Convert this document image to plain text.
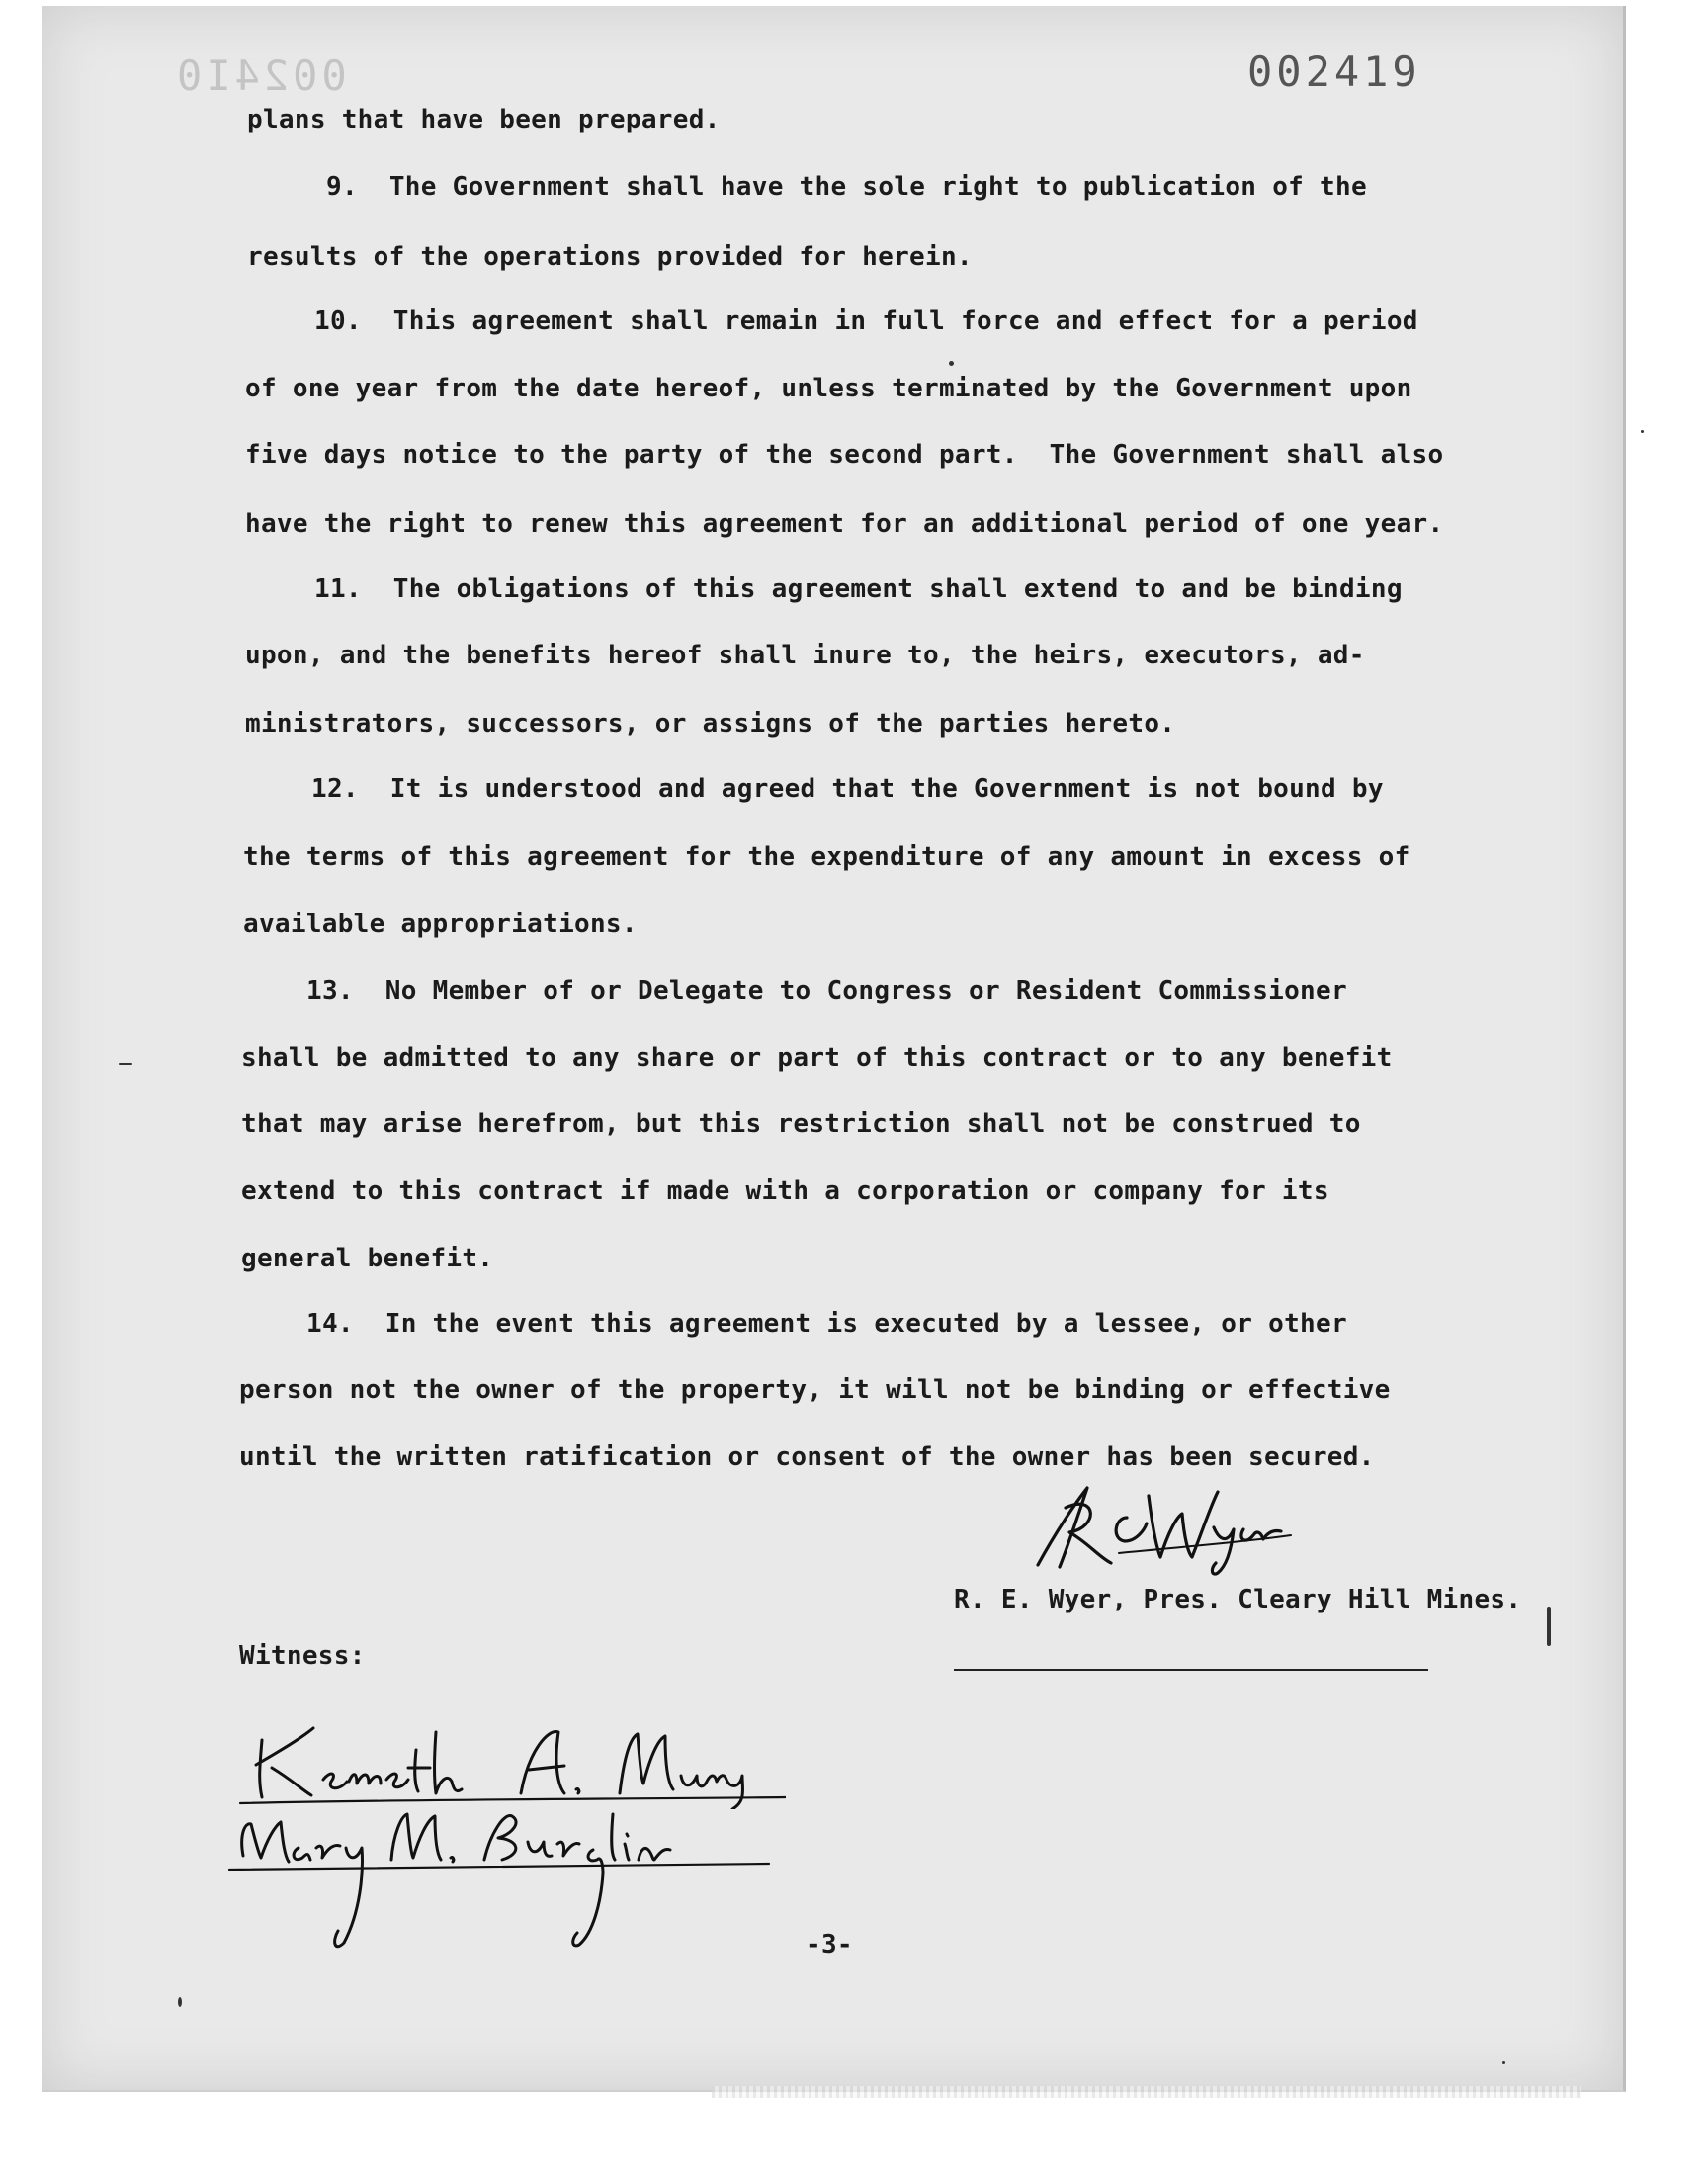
0024I0	002419
plans that have been prepared.
9.  The Government shall have the sole right to publication of the
results of the operations provided for herein.
10.  This agreement shall remain in full force and effect for a period
of one year from the date hereof, unless terminated by the Government upon
five days notice to the party of the second part.  The Government shall also
have the right to renew this agreement for an additional period of one year.
11.  The obligations of this agreement shall extend to and be binding
upon, and the benefits hereof shall inure to, the heirs, executors, ad-
ministrators, successors, or assigns of the parties hereto.
12.  It is understood and agreed that the Government is not bound by
the terms of this agreement for the expenditure of any amount in excess of
available appropriations.
13.  No Member of or Delegate to Congress or Resident Commissioner
shall be admitted to any share or part of this contract or to any benefit
that may arise herefrom, but this restriction shall not be construed to
extend to this contract if made with a corporation or company for its
general benefit.
14.  In the event this agreement is executed by a lessee, or other
person not the owner of the property, it will not be binding or effective
until the written ratification or consent of the owner has been secured.
R. E. Wyer, Pres. Cleary Hill Mines.
Witness:
-3-
